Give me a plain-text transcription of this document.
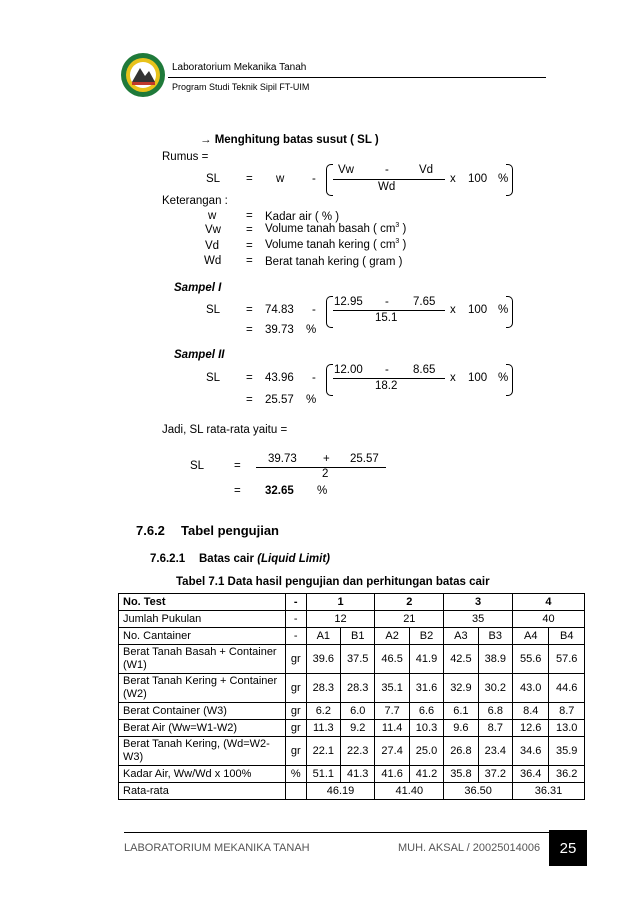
Laboratorium Mekanika Tanah
Program Studi Teknik Sipil FT-UIM
→ Menghitung batas susut ( SL )
Rumus =
SL = w -
Vw	-	Vd
Wd
x 100 %
Keterangan :
w	= Kadar air ( % )
Vw = Volume tanah basah ( $cm^3$ )
Vd = Volume tanah kering ( $cm^3$ )
Wd = Berat tanah kering ( gram )
Sampel I
SL = 74.83 -
12.95 - 7.65
15.1
x 100 %
= 39.73 %
Sampel II
SL = 43.96 -
12.00 - 8.65
18.2
x 100 %
= 25.57 %
Jadi, SL rata-rata yaitu =
SL	=
39.73 + 25.57
2
= 32.65 %
7.6.2 Tabel pengujian
7.6.2.1 Batas cair (Liquid Limit)
Tabel 7.1 Data hasil pengujian dan perhitungan batas cair
No. Test	-	1		2		3		4	
Jumlah Pukulan	-	12		21		35		40	
No. Cantainer	-	A1	B1	A2	B2	A3	B3	A4	B4
Berat Tanah Basah + Container (W1)	gr	39.6	37.5	46.5	41.9	42.5	38.9	55.6	57.6
Berat Tanah Kering + Container (W2)	gr	28.3	28.3	35.1	31.6	32.9	30.2	43.0	44.6
Berat Container (W3)	gr	6.2	6.0	7.7	6.6	6.1	6.8	8.4	8.7
Berat Air (Ww=W1-W2)	gr	11.3	9.2	11.4	10.3	9.6	8.7	12.6	13.0
Berat Tanah Kering, (Wd=W2-W3)	gr	22.1	22.3	27.4	25.0	26.8	23.4	34.6	35.9
Kadar Air, Ww/Wd x 100%	%	51.1	41.3	41.6	41.2	35.8	37.2	36.4	36.2
Rata-rata		46.19		41.40		36.50		36.31	
LABORATORIUM MEKANIKA TANAH	MUH. AKSAL / 20025014006	25
